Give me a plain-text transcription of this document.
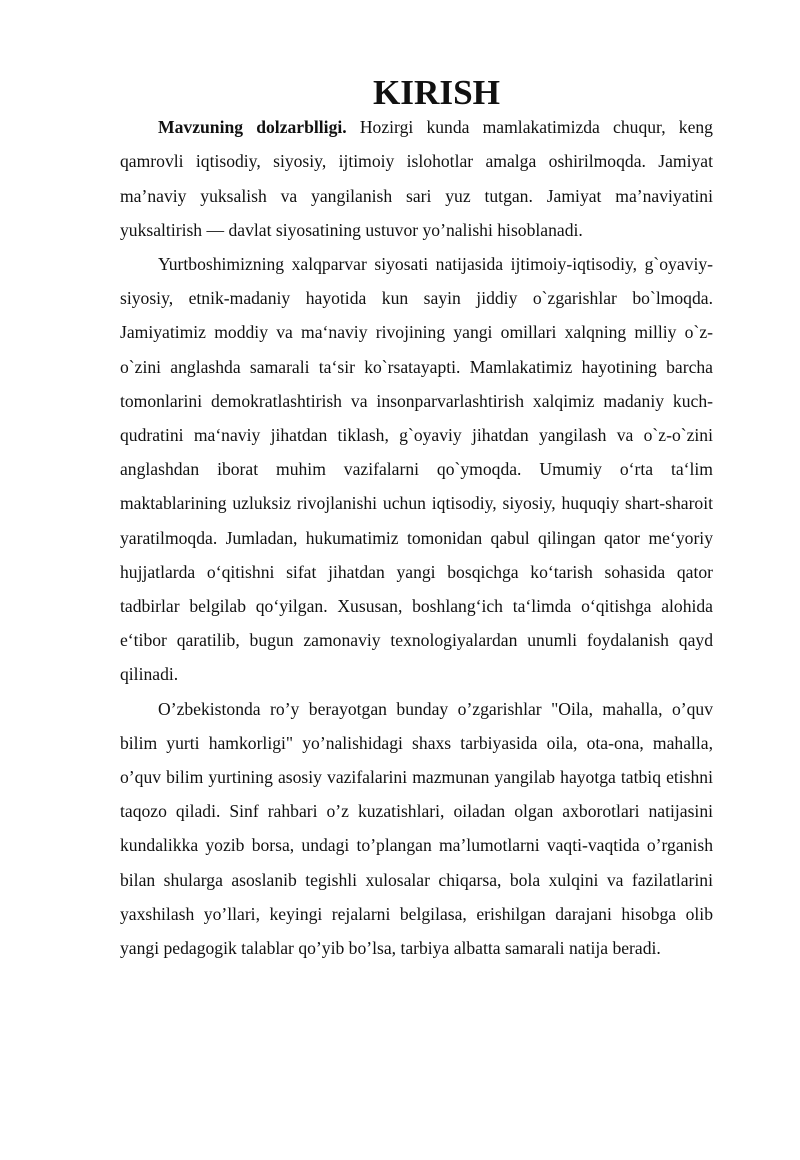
KIRISH

Mavzuning dolzarblligi. Hozirgi kunda mamlakatimizda chuqur, keng qamrovli iqtisodiy, siyosiy, ijtimoiy islohotlar amalga oshirilmoqda. Jamiyat ma’naviy yuksalish va yangilanish sari yuz tutgan. Jamiyat ma’naviyatini yuksaltirish — davlat siyosatining ustuvor yo’nalishi hisoblanadi.

Yurtboshimizning xalqparvar siyosati natijasida ijtimoiy-iqtisodiy, g`oyaviy-siyosiy, etnik-madaniy hayotida kun sayin jiddiy o`zgarishlar bo`lmoqda. Jamiyatimiz moddiy va ma‘naviy rivojining yangi omillari xalqning milliy o`z-o`zini anglashda samarali ta‘sir ko`rsatayapti. Mamlakatimiz hayotining barcha tomonlarini demokratlashtirish va insonparvarlashtirish xalqimiz madaniy kuch-qudratini ma‘naviy jihatdan tiklash, g`oyaviy jihatdan yangilash va o`z-o`zini anglashdan iborat muhim vazifalarni qo`ymoqda. Umumiy o‘rta ta‘lim maktablarining uzluksiz rivojlanishi uchun iqtisodiy, siyosiy, huquqiy shart-sharoit yaratilmoqda. Jumladan, hukumatimiz tomonidan qabul qilingan qator me‘yoriy hujjatlarda o‘qitishni sifat jihatdan yangi bosqichga ko‘tarish sohasida qator tadbirlar belgilab qo‘yilgan. Xususan, boshlang‘ich ta‘limda o‘qitishga alohida e‘tibor qaratilib, bugun zamonaviy texnologiyalardan unumli foydalanish qayd qilinadi.

O’zbekistonda ro’y berayotgan bunday o’zgarishlar "Oila, mahalla, o’quv bilim yurti hamkorligi" yo’nalishidagi shaxs tarbiyasida oila, ota-ona, mahalla, o’quv bilim yurtining asosiy vazifalarini mazmunan yangilab hayotga tatbiq etishni taqozo qiladi. Sinf rahbari o’z kuzatishlari, oiladan olgan axborotlari natijasini kundalikka yozib borsa, undagi to’plangan ma’lumotlarni vaqti-vaqtida o’rganish bilan shularga asoslanib tegishli xulosalar chiqarsa, bola xulqini va fazilatlarini yaxshilash yo’llari, keyingi rejalarni belgilasa, erishilgan darajani hisobga olib yangi pedagogik talablar qo’yib bo’lsa, tarbiya albatta samarali natija beradi.
